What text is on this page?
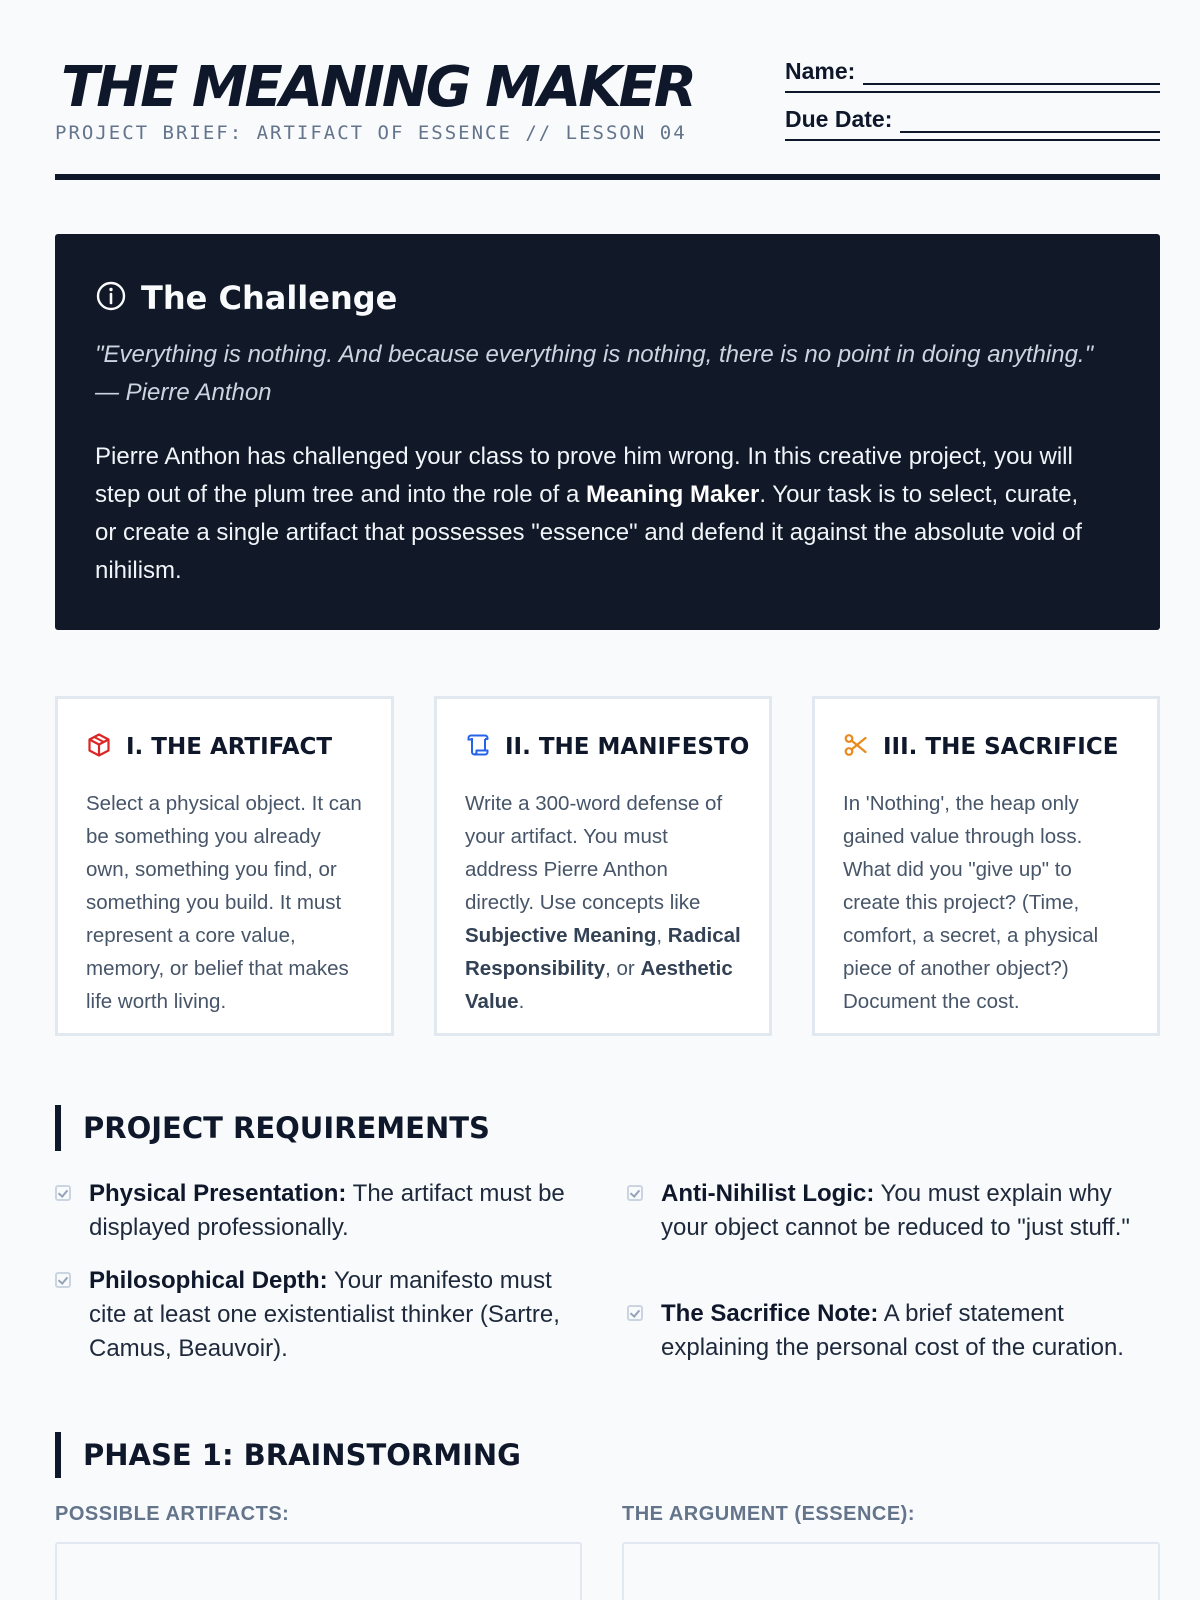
THE MEANING MAKER
PROJECT BRIEF: ARTIFACT OF ESSENCE // LESSON 04
Name:
Due Date:
The Challenge

"Everything is nothing. And because everything is nothing, there is no point in doing anything." — Pierre Anthon

Pierre Anthon has challenged your class to prove him wrong. In this creative project, you will step out of the plum tree and into the role of a Meaning Maker. Your task is to select, curate, or create a single artifact that possesses "essence" and defend it against the absolute void of nihilism.

I. THE ARTIFACT

Select a physical object. It can be something you already own, something you find, or something you build. It must represent a core value, memory, or belief that makes life worth living.

II. THE MANIFESTO

Write a 300-word defense of your artifact. You must address Pierre Anthon directly. Use concepts like Subjective Meaning, Radical Responsibility, or Aesthetic Value.

III. THE SACRIFICE

In 'Nothing', the heap only gained value through loss. What did you "give up" to create this project? (Time, comfort, a secret, a physical piece of another object?) Document the cost.

PROJECT REQUIREMENTS

Physical Presentation: The artifact must be displayed professionally.

Philosophical Depth: Your manifesto must cite at least one existentialist thinker (Sartre, Camus, Beauvoir).

Anti-Nihilist Logic: You must explain why your object cannot be reduced to "just stuff."

The Sacrifice Note: A brief statement explaining the personal cost of the curation.

PHASE 1: BRAINSTORMING
POSSIBLE ARTIFACTS:	THE ARGUMENT (ESSENCE):
